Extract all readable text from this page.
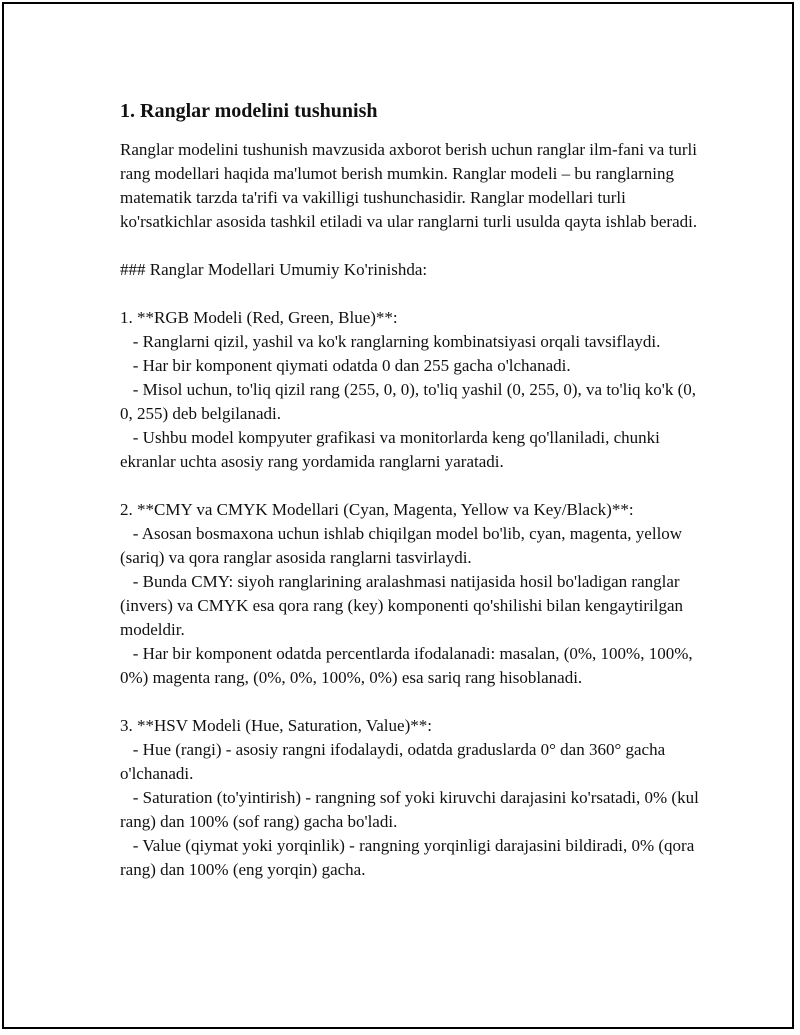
1. Ranglar modelini tushunish

Ranglar modelini tushunish mavzusida axborot berish uchun ranglar ilm-fani va turli rang modellari haqida ma'lumot berish mumkin. Ranglar modeli – bu ranglarning matematik tarzda ta'rifi va vakilligi tushunchasidir. Ranglar modellari turli ko'rsatkichlar asosida tashkil etiladi va ular ranglarni turli usulda qayta ishlab beradi.

### Ranglar Modellari Umumiy Ko'rinishda:

1. **RGB Modeli (Red, Green, Blue)**:

- Ranglarni qizil, yashil va ko'k ranglarning kombinatsiyasi orqali tavsiflaydi.

- Har bir komponent qiymati odatda 0 dan 255 gacha o'lchanadi.

- Misol uchun, to'liq qizil rang (255, 0, 0), to'liq yashil (0, 255, 0), va to'liq ko'k (0, 0, 255) deb belgilanadi.

- Ushbu model kompyuter grafikasi va monitorlarda keng qo'llaniladi, chunki ekranlar uchta asosiy rang yordamida ranglarni yaratadi.

2. **CMY va CMYK Modellari (Cyan, Magenta, Yellow va Key/Black)**:

- Asosan bosmaxona uchun ishlab chiqilgan model bo'lib, cyan, magenta, yellow (sariq) va qora ranglar asosida ranglarni tasvirlaydi.

- Bunda CMY: siyoh ranglarining aralashmasi natijasida hosil bo'ladigan ranglar (invers) va CMYK esa qora rang (key) komponenti qo'shilishi bilan kengaytirilgan modeldir.

- Har bir komponent odatda percentlarda ifodalanadi: masalan, (0%, 100%, 100%, 0%) magenta rang, (0%, 0%, 100%, 0%) esa sariq rang hisoblanadi.

3. **HSV Modeli (Hue, Saturation, Value)**:

- Hue (rangi) - asosiy rangni ifodalaydi, odatda graduslarda 0° dan 360° gacha o'lchanadi.

- Saturation (to'yintirish) - rangning sof yoki kiruvchi darajasini ko'rsatadi, 0% (kul rang) dan 100% (sof rang) gacha bo'ladi.

- Value (qiymat yoki yorqinlik) - rangning yorqinligi darajasini bildiradi, 0% (qora rang) dan 100% (eng yorqin) gacha.
